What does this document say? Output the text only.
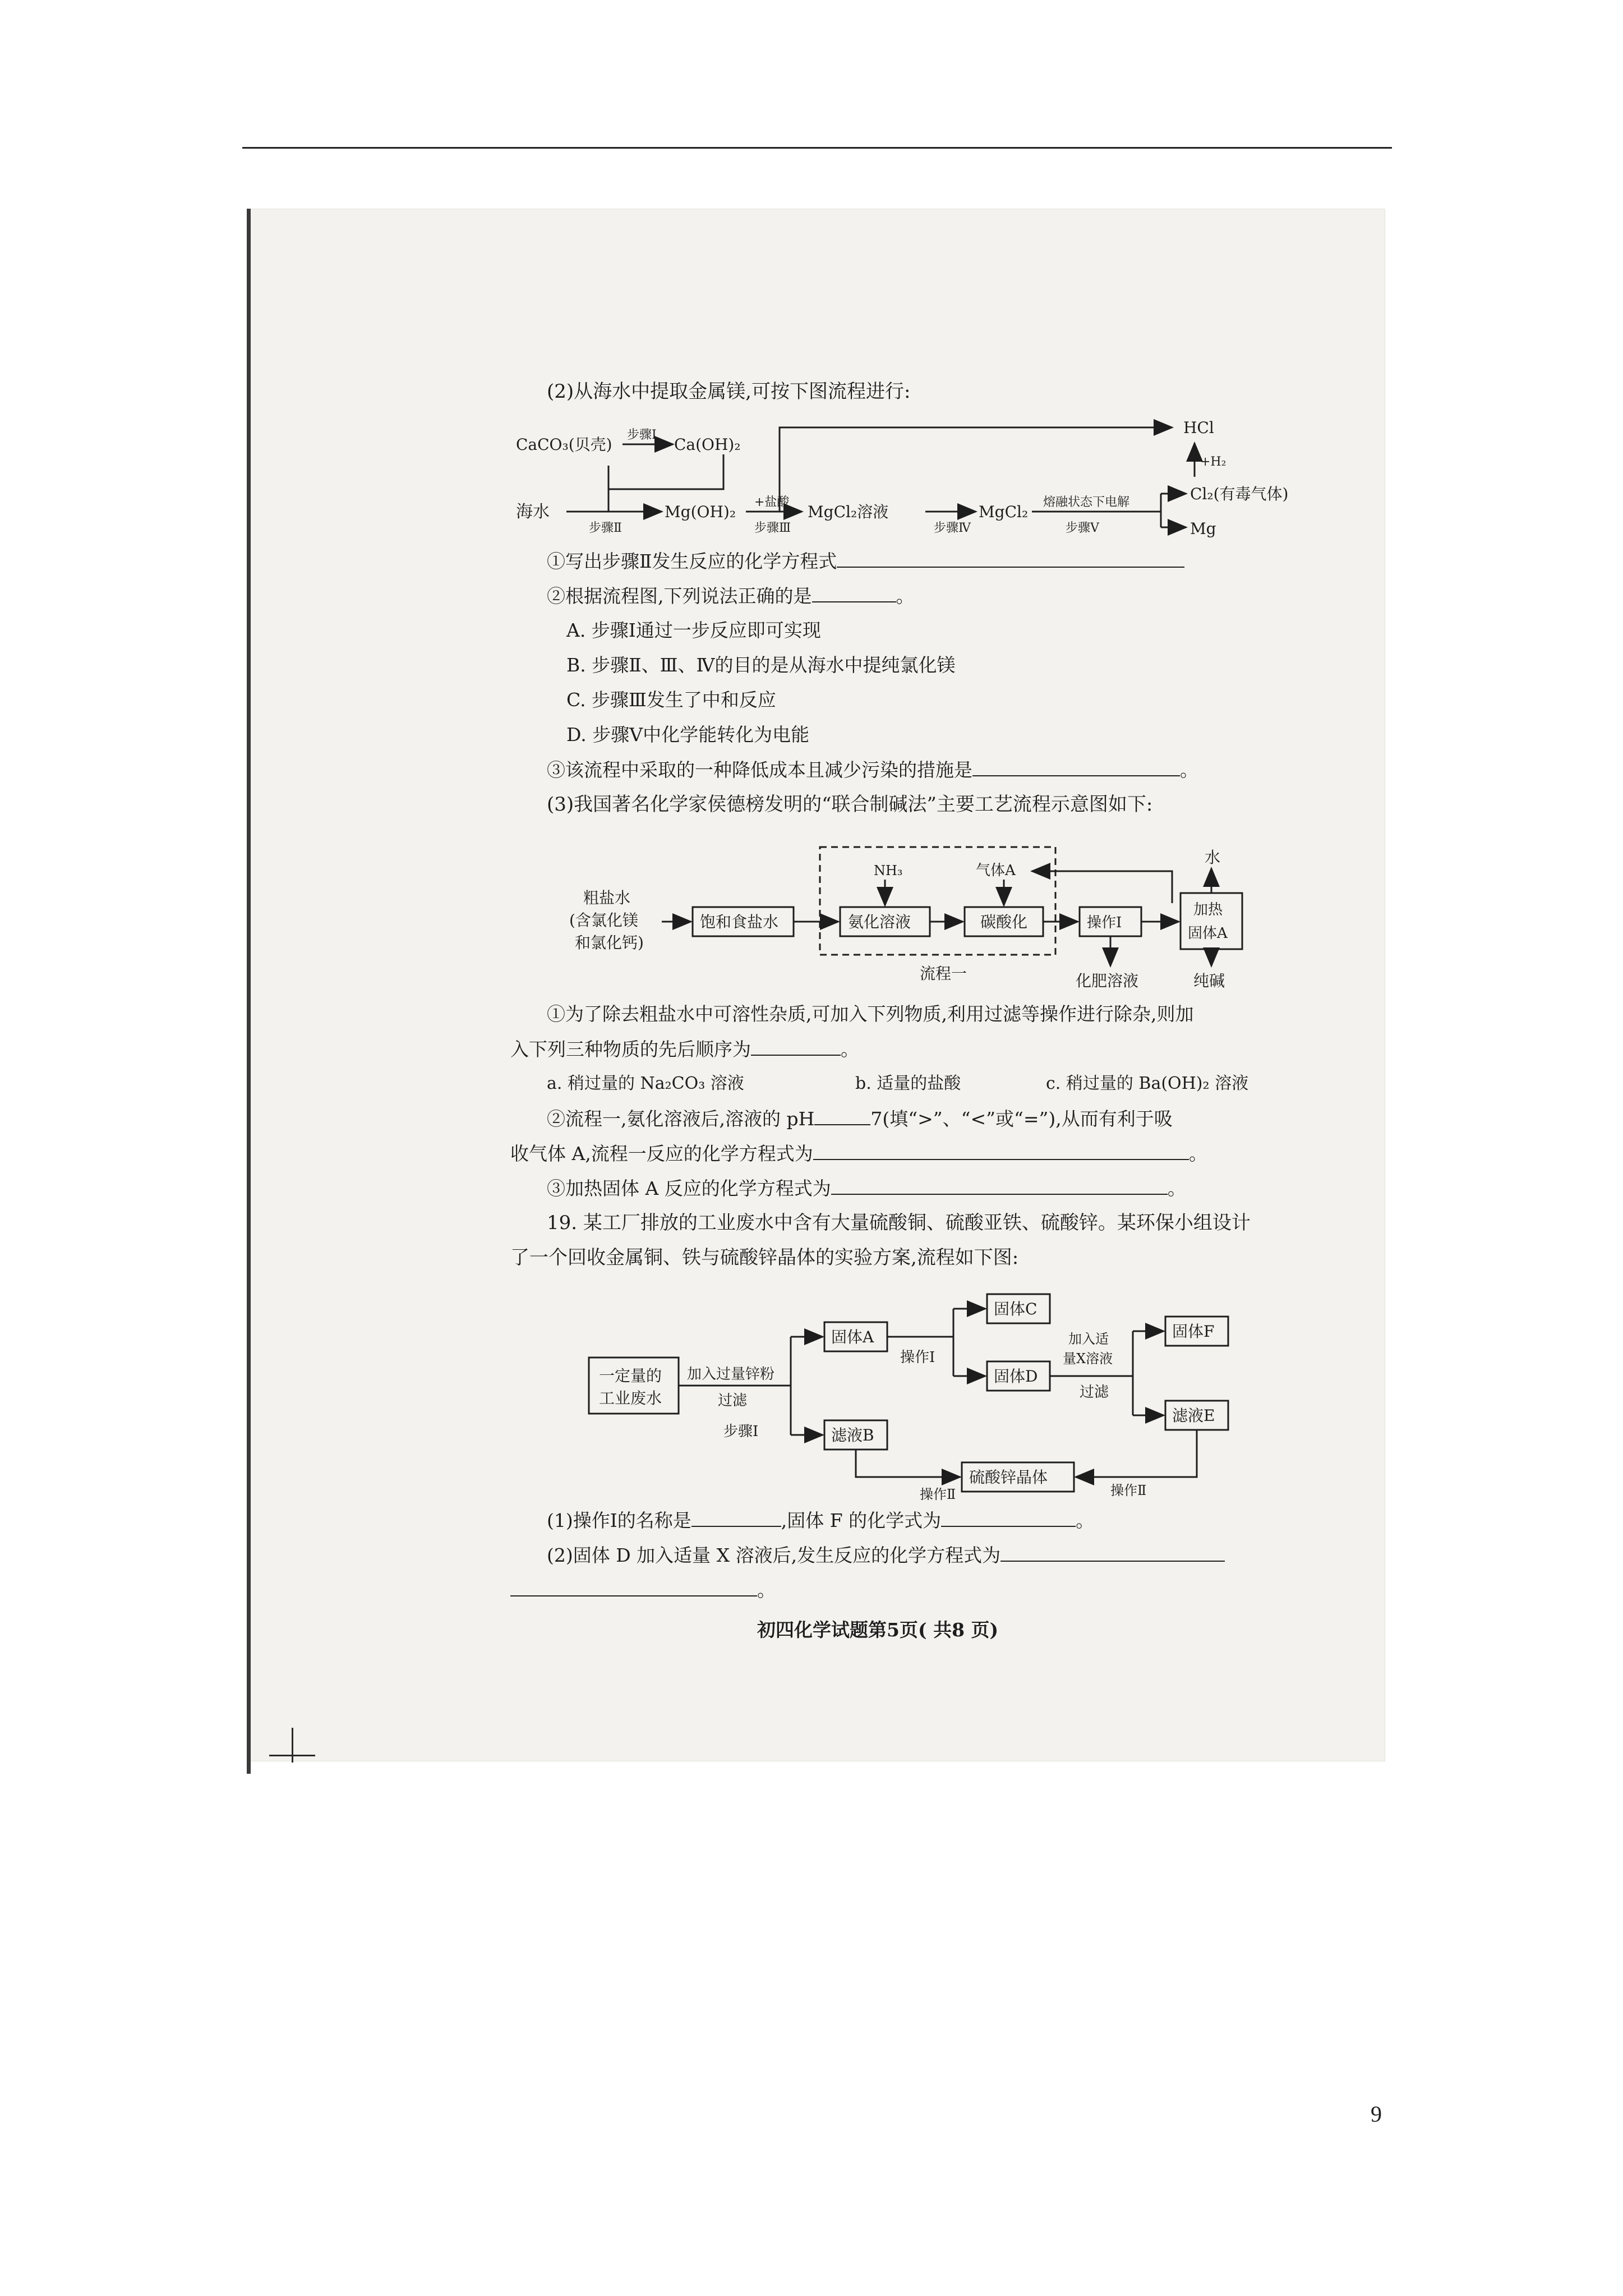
(2)从海水中提取金属镁,可按下图流程进行:
CaCO₃(贝壳)
步骤Ⅰ
Ca(OH)₂
海水
步骤Ⅱ
Mg(OH)₂
+盐酸
步骤Ⅲ
MgCl₂溶液
步骤Ⅳ
MgCl₂
熔融状态下电解
步骤Ⅴ
HCl
+H₂
Cl₂(有毒气体)
Mg
①写出步骤Ⅱ发生反应的化学方程式
②根据流程图,下列说法正确的是	。
A. 步骤Ⅰ通过一步反应即可实现
B. 步骤Ⅱ、Ⅲ、Ⅳ的目的是从海水中提纯氯化镁
C. 步骤Ⅲ发生了中和反应
D. 步骤Ⅴ中化学能转化为电能
③该流程中采取的一种降低成本且减少污染的措施是	。
(3)我国著名化学家侯德榜发明的“联合制碱法”主要工艺流程示意图如下:
粗盐水
(含氯化镁
和氯化钙)
饱和食盐水
NH₃
氨化溶液
气体A
碳酸化	操作Ⅰ
加热
固体A
水
流程一	化肥溶液	纯碱
①为了除去粗盐水中可溶性杂质,可加入下列物质,利用过滤等操作进行除杂,则加
入下列三种物质的先后顺序为	。
a. 稍过量的 Na₂CO₃ 溶液	b. 适量的盐酸	c. 稍过量的 Ba(OH)₂ 溶液
②流程一,氨化溶液后,溶液的 pH	7(填“>”、“<”或“=”),从而有利于吸
收气体 A,流程一反应的化学方程式为	。
③加热固体 A 反应的化学方程式为	。
19. 某工厂排放的工业废水中含有大量硫酸铜、硫酸亚铁、硫酸锌。某环保小组设计
了一个回收金属铜、铁与硫酸锌晶体的实验方案,流程如下图:
一定量的
工业废水
加入过量锌粉
过滤
步骤Ⅰ
固体A
操作Ⅰ
固体C
固体D
加入适
量X溶液
过滤
固体F
滤液E
滤液B
操作Ⅱ
硫酸锌晶体
操作Ⅱ
(1)操作Ⅰ的名称是	,固体 F 的化学式为	。
(2)固体 D 加入适量 X 溶液后,发生反应的化学方程式为
。
初四化学试题第5页( 共8 页)
9
